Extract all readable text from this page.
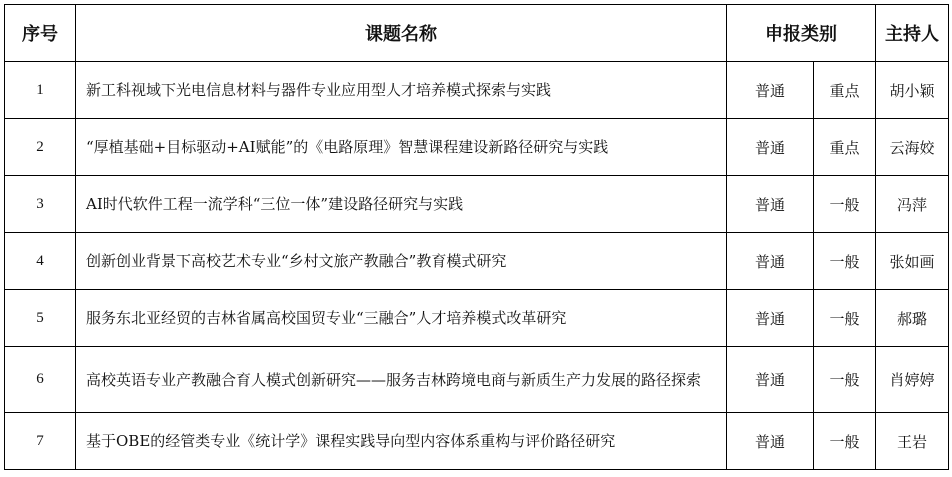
序号	课题名称	申报类别		主持人
1	新工科视域下光电信息材料与器件专业应用型人才培养模式探索与实践	普通	重点	胡小颖
2	“厚植基础+目标驱动+AI赋能”的《电路原理》智慧课程建设新路径研究与实践	普通	重点	云海姣
3	AI时代软件工程一流学科“三位一体”建设路径研究与实践	普通	一般	冯萍
4	创新创业背景下高校艺术专业“乡村文旅产教融合”教育模式研究	普通	一般	张如画
5	服务东北亚经贸的吉林省属高校国贸专业“三融合”人才培养模式改革研究	普通	一般	郝璐
6	高校英语专业产教融合育人模式创新研究——服务吉林跨境电商与新质生产力发展的路径探索	普通	一般	肖婷婷
7	基于OBE的经管类专业《统计学》课程实践导向型内容体系重构与评价路径研究	普通	一般	王岩
